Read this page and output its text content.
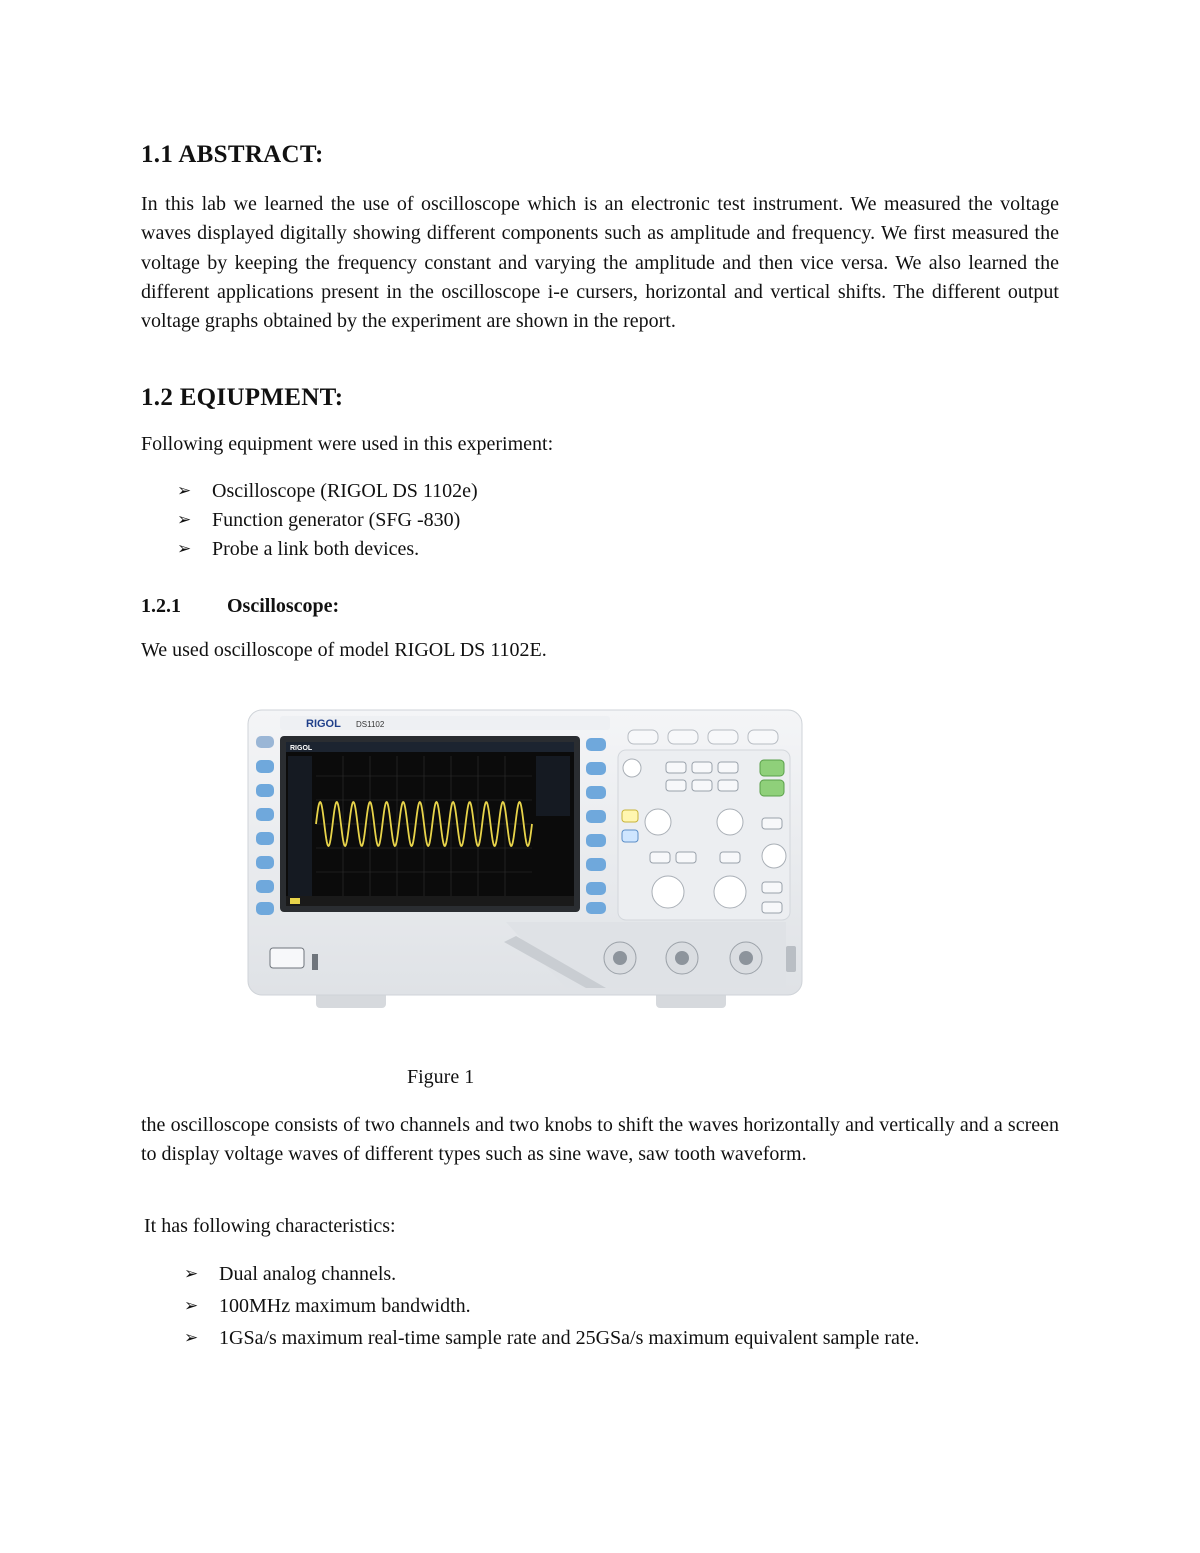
1.1 ABSTRACT:

In this lab we learned the use of oscilloscope which is an electronic test instrument. We measured the voltage waves displayed digitally showing different components such as amplitude and frequency. We first measured the voltage by keeping the frequency constant and varying the amplitude and then vice versa. We also learned the different applications present in the oscilloscope i-e cursers, horizontal and vertical shifts. The different output voltage graphs obtained by the experiment are shown in the report.

1.2 EQIUPMENT:

Following equipment were used in this experiment:

➢ Oscilloscope (RIGOL DS 1102e)
➢ Function generator (SFG -830)
➢ Probe a link both devices.
1.2.1 Oscilloscope:

We used oscilloscope of model RIGOL DS 1102E.

RIGOL DS1102
RIGOL

Figure 1

the oscilloscope consists of two channels and two knobs to shift the waves horizontally and vertically and a screen to display voltage waves of different types such as sine wave, saw tooth waveform.

It has following characteristics:

➢ Dual analog channels.
➢ 100MHz maximum bandwidth.
➢ 1GSa/s maximum real-time sample rate and 25GSa/s maximum equivalent sample rate.
